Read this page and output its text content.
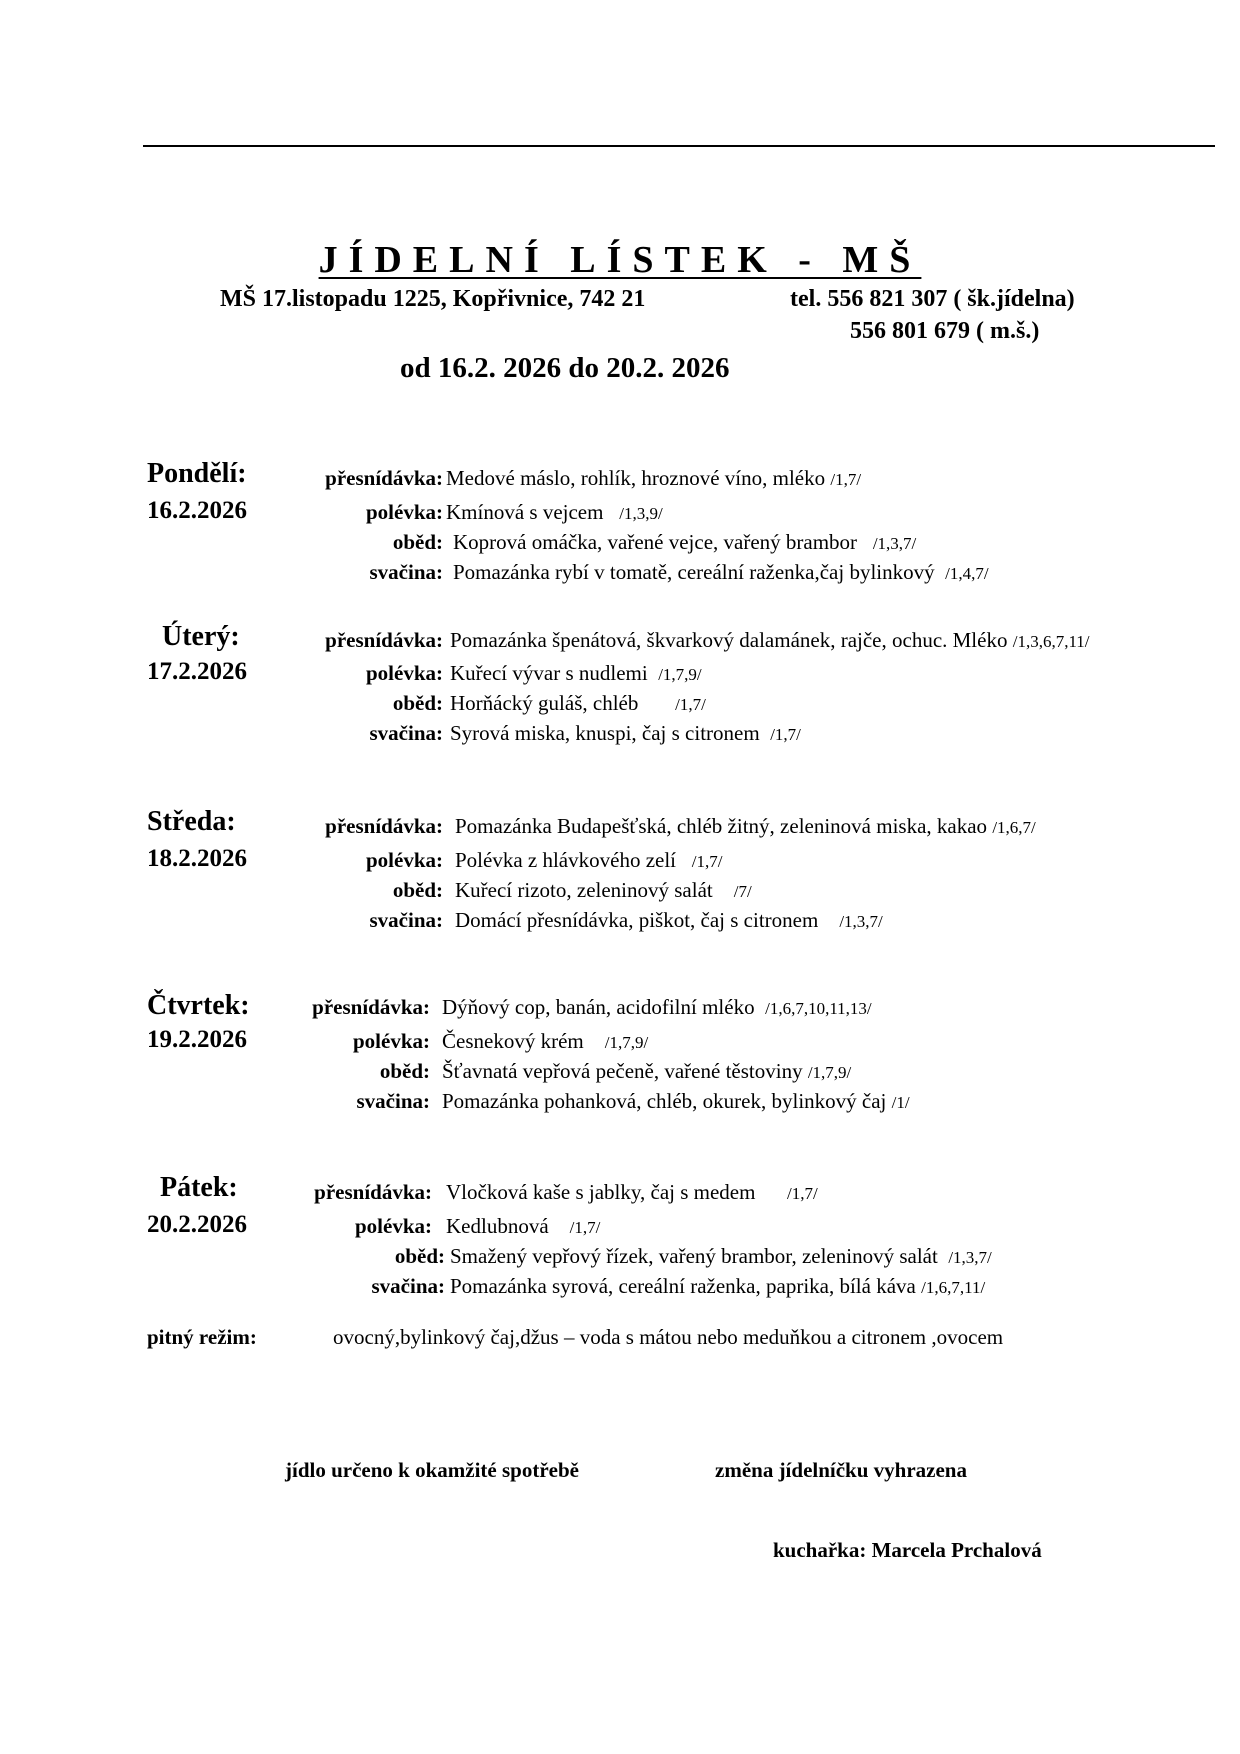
JÍDELNÍ LÍSTEK - MŠ
MŠ 17.listopadu 1225, Kopřivnice, 742 21	tel. 556 821 307 ( šk.jídelna)
556 801 679 ( m.š.)
od 16.2. 2026 do 20.2. 2026
Pondělí:
16.2.2026
přesnídávka: Medové máslo, rohlík, hroznové víno, mléko /1,7/
polévka: Kmínová s vejcem /1,3,9/
oběd: Koprová omáčka, vařené vejce, vařený brambor /1,3,7/
svačina: Pomazánka rybí v tomatě, cereální raženka,čaj bylinkový /1,4,7/
Úterý:
17.2.2026
přesnídávka: Pomazánka špenátová, škvarkový dalamánek, rajče, ochuc. Mléko /1,3,6,7,11/
polévka: Kuřecí vývar s nudlemi /1,7,9/
oběd: Horňácký guláš, chléb /1,7/
svačina: Syrová miska, knuspi, čaj s citronem /1,7/
Středa:
18.2.2026
přesnídávka: Pomazánka Budapešťská, chléb žitný, zeleninová miska, kakao /1,6,7/
polévka: Polévka z hlávkového zelí /1,7/
oběd: Kuřecí rizoto, zeleninový salát /7/
svačina: Domácí přesnídávka, piškot, čaj s citronem /1,3,7/
Čtvrtek:
19.2.2026
přesnídávka: Dýňový cop, banán, acidofilní mléko /1,6,7,10,11,13/
polévka: Česnekový krém /1,7,9/
oběd: Šťavnatá vepřová pečeně, vařené těstoviny /1,7,9/
svačina: Pomazánka pohanková, chléb, okurek, bylinkový čaj /1/
Pátek:
20.2.2026
přesnídávka: Vločková kaše s jablky, čaj s medem /1,7/
polévka: Kedlubnová /1,7/
oběd: Smažený vepřový řízek, vařený brambor, zeleninový salát /1,3,7/
svačina: Pomazánka syrová, cereální raženka, paprika, bílá káva /1,6,7,11/
pitný režim:	ovocný,bylinkový čaj,džus – voda s mátou nebo meduňkou a citronem ,ovocem
jídlo určeno k okamžité spotřebě	změna jídelníčku vyhrazena
kuchařka: Marcela Prchalová
